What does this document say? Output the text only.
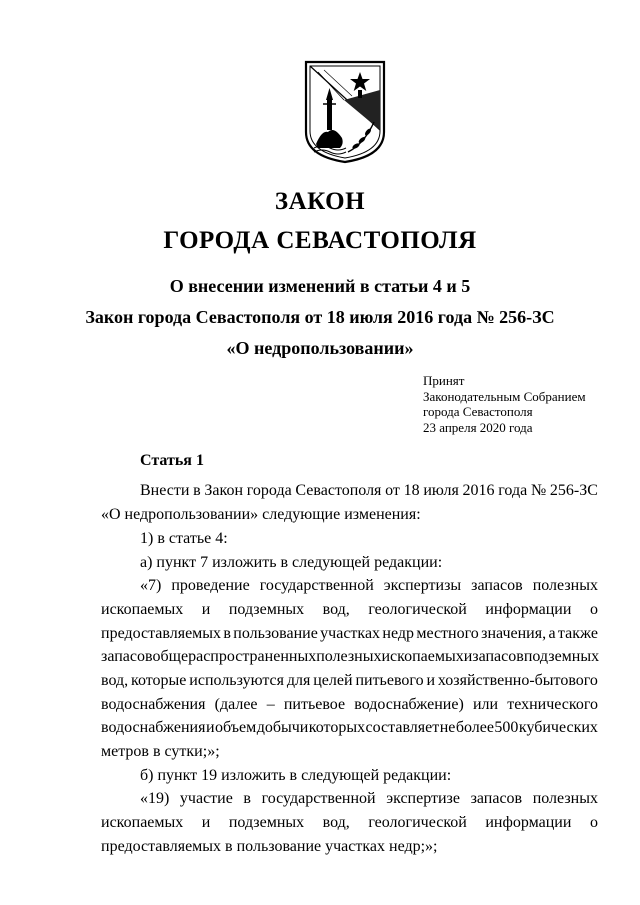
ЗАКОН
ГОРОДА СЕВАСТОПОЛЯ
О внесении изменений в статьи 4 и 5
Закон города Севастополя от 18 июля 2016 года № 256-ЗС
«О недропользовании»
Принят
Законодательным Собранием
города Севастополя
23 апреля 2020 года
Статья 1
Внести в Закон города Севастополя от 18 июля 2016 года № 256-ЗС
«О недропользовании» следующие изменения:
1) в статье 4:
а) пункт 7 изложить в следующей редакции:
«7) проведение государственной экспертизы запасов полезных
ископаемых и подземных вод, геологической информации о
предоставляемых в пользование участках недр местного значения, а также
запасов общераспространенных полезных ископаемых и запасов подземных
вод, которые используются для целей питьевого и хозяйственно-бытового
водоснабжения (далее – питьевое водоснабжение) или технического
водоснабжения и объем добычи которых составляет не более 500 кубических
метров в сутки;»;
б) пункт 19 изложить в следующей редакции:
«19) участие в государственной экспертизе запасов полезных
ископаемых и подземных вод, геологической информации о
предоставляемых в пользование участках недр;»;
